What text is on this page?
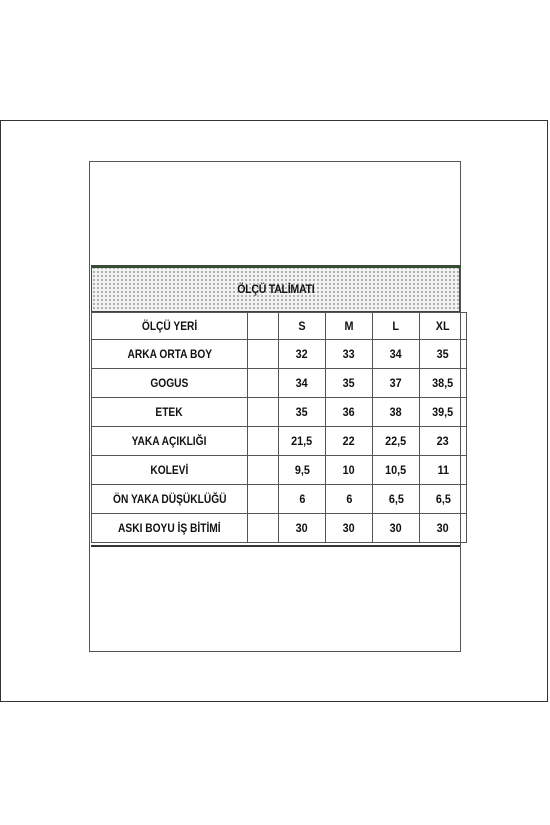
ÖLÇÜ TALİMATI
ÖLÇÜ YERİ		S	M	L	XL
ARKA ORTA BOY		32	33	34	35
GOGUS		34	35	37	38,5
ETEK		35	36	38	39,5
YAKA AÇIKLIĞI		21,5	22	22,5	23
KOLEVİ		9,5	10	10,5	11
ÖN YAKA DÜŞÜKLÜĞÜ		6	6	6,5	6,5
ASKI BOYU İŞ BİTİMİ		30	30	30	30
